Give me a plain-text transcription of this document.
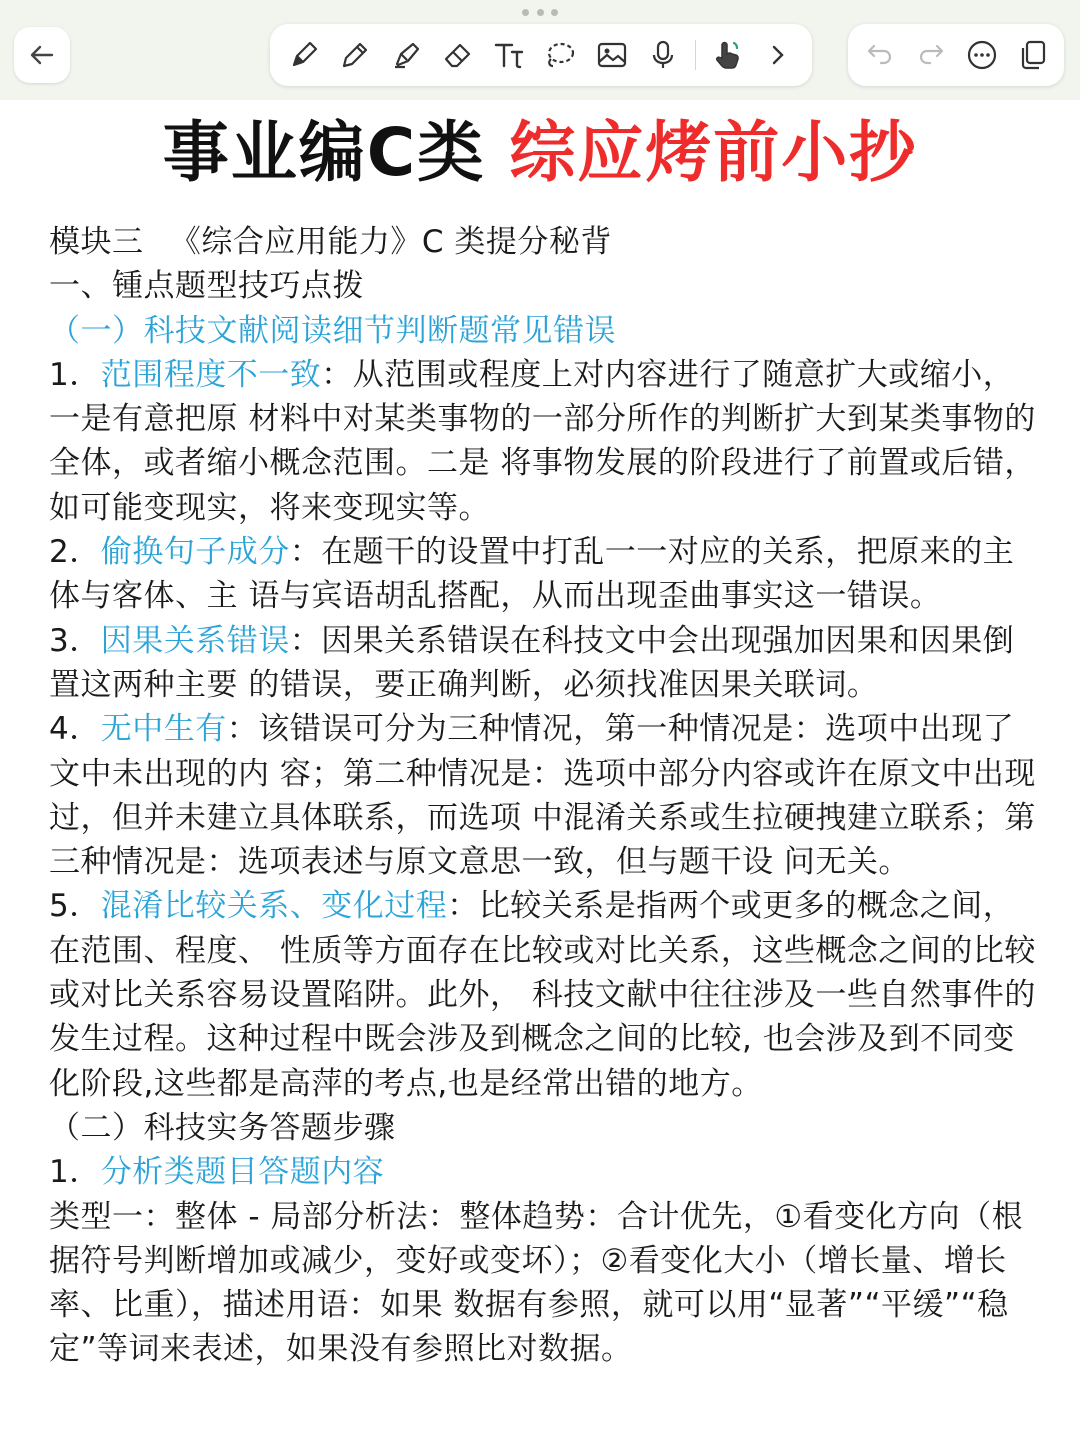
事业编C类 综应烤前小抄

模块三 　《综合应用能力》C 类提分秘背

一、锺点题型技巧点拨

（一）科技文献阅读细节判断题常见错误

1．范围程度不一致：从范围或程度上对内容进行了随意扩大或缩小，一是有意把原 材料中对某类事物的一部分所作的判断扩大到某类事物的全体，或者缩小概念范围。二是 将事物发展的阶段进行了前置或后错，如可能变现实，将来变现实等。

2．偷换句子成分：在题干的设置中打乱一一对应的关系，把原来的主体与客体、主 语与宾语胡乱搭配，从而出现歪曲事实这一错误。

3．因果关系错误：因果关系错误在科技文中会出现强加因果和因果倒置这两种主要 的错误，要正确判断，必须找准因果关联词。

4．无中生有：该错误可分为三种情况，第一种情况是：选项中出现了文中未出现的内 容；第二种情况是：选项中部分内容或许在原文中出现过，但并未建立具体联系，而选项 中混淆关系或生拉硬拽建立联系；第三种情况是：选项表述与原文意思一致，但与题干设 问无关。

5．混淆比较关系、变化过程：比较关系是指两个或更多的概念之间，在范围、程度、 性质等方面存在比较或对比关系，这些概念之间的比较或对比关系容易设置陷阱。此外， 科技文献中往往涉及一些自然事件的发生过程。这种过程中既会涉及到概念之间的比较, 也会涉及到不同变化阶段,这些都是高萍的考点,也是经常出错的地方。

（二）科技实务答题步骤

1．分析类题目答题内容

类型一：整体 - 局部分析法：整体趋势：合计优先，①看变化方向（根据符号判断增加或减少，变好或变坏）；②看变化大小（增长量、增长率、比重），描述用语：如果 数据有参照，就可以用“显著”“平缓”“稳定”等词来表述，如果没有参照比对数据。
